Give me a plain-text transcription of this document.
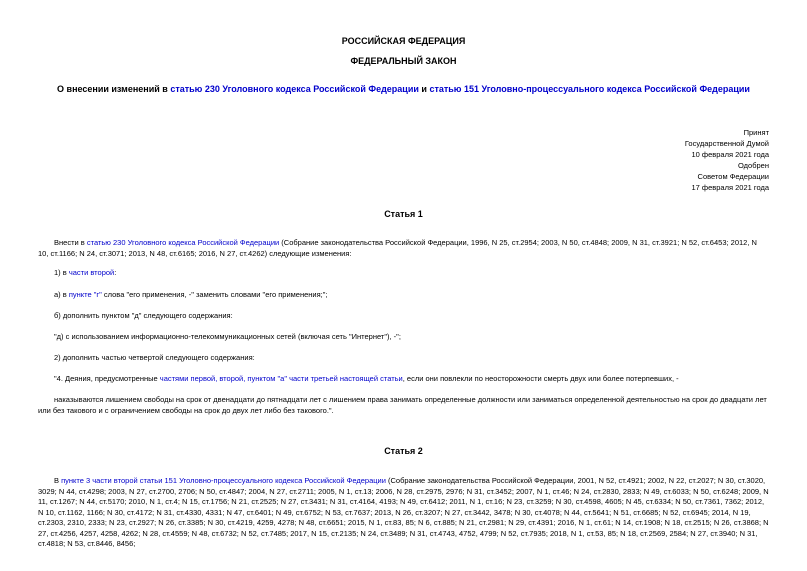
РОССИЙСКАЯ ФЕДЕРАЦИЯ
ФЕДЕРАЛЬНЫЙ ЗАКОН
О внесении изменений в статью 230 Уголовного кодекса Российской Федерации и статью 151 Уголовно-процессуального кодекса Российской Федерации
Принят
Государственной Думой
10 февраля 2021 года
Одобрен
Советом Федерации
17 февраля 2021 года
Статья 1
Внести в статью 230 Уголовного кодекса Российской Федерации (Собрание законодательства Российской Федерации, 1996, N 25, ст.2954; 2003, N 50, ст.4848; 2009, N 31, ст.3921; N 52, ст.6453; 2012, N 10, ст.1166; N 24, ст.3071; 2013, N 48, ст.6165; 2016, N 27, ст.4262) следующие изменения:
1) в части второй:
а) в пункте "г" слова "его применения, -" заменить словами "его применения;";
б) дополнить пунктом "д" следующего содержания:
"д) с использованием информационно-телекоммуникационных сетей (включая сеть "Интернет"), -";
2) дополнить частью четвертой следующего содержания:
"4. Деяния, предусмотренные частями первой, второй, пунктом "а" части третьей настоящей статьи, если они повлекли по неосторожности смерть двух или более потерпевших, -
наказываются лишением свободы на срок от двенадцати до пятнадцати лет с лишением права занимать определенные должности или заниматься определенной деятельностью на срок до двадцати лет или без такового и с ограничением свободы на срок до двух лет либо без такового.".
Статья 2
В пункте 3 части второй статьи 151 Уголовно-процессуального кодекса Российской Федерации (Собрание законодательства Российской Федерации, 2001, N 52, ст.4921; 2002, N 22, ст.2027; N 30, ст.3020, 3029; N 44, ст.4298; 2003, N 27, ст.2700, 2706; N 50, ст.4847; 2004, N 27, ст.2711; 2005, N 1, ст.13; 2006, N 28, ст.2975, 2976; N 31, ст.3452; 2007, N 1, ст.46; N 24, ст.2830, 2833; N 49, ст.6033; N 50, ст.6248; 2009, N 11, ст.1267; N 44, ст.5170; 2010, N 1, ст.4; N 15, ст.1756; N 21, ст.2525; N 27, ст.3431; N 31, ст.4164, 4193; N 49, ст.6412; 2011, N 1, ст.16; N 23, ст.3259; N 30, ст.4598, 4605; N 45, ст.6334; N 50, ст.7361, 7362; 2012, N 10, ст.1162, 1166; N 30, ст.4172; N 31, ст.4330, 4331; N 47, ст.6401; N 49, ст.6752; N 53, ст.7637; 2013, N 26, ст.3207; N 27, ст.3442, 3478; N 30, ст.4078; N 44, ст.5641; N 51, ст.6685; N 52, ст.6945; 2014, N 19, ст.2303, 2310, 2333; N 23, ст.2927; N 26, ст.3385; N 30, ст.4219, 4259, 4278; N 48, ст.6651; 2015, N 1, ст.83, 85; N 6, ст.885; N 21, ст.2981; N 29, ст.4391; 2016, N 1, ст.61; N 14, ст.1908; N 18, ст.2515; N 26, ст.3868; N 27, ст.4256, 4257, 4258, 4262; N 28, ст.4559; N 48, ст.6732; N 52, ст.7485; 2017, N 15, ст.2135; N 24, ст.3489; N 31, ст.4743, 4752, 4799; N 52, ст.7935; 2018, N 1, ст.53, 85; N 18, ст.2569, 2584; N 27, ст.3940; N 31, ст.4818; N 53, ст.8446, 8456;
